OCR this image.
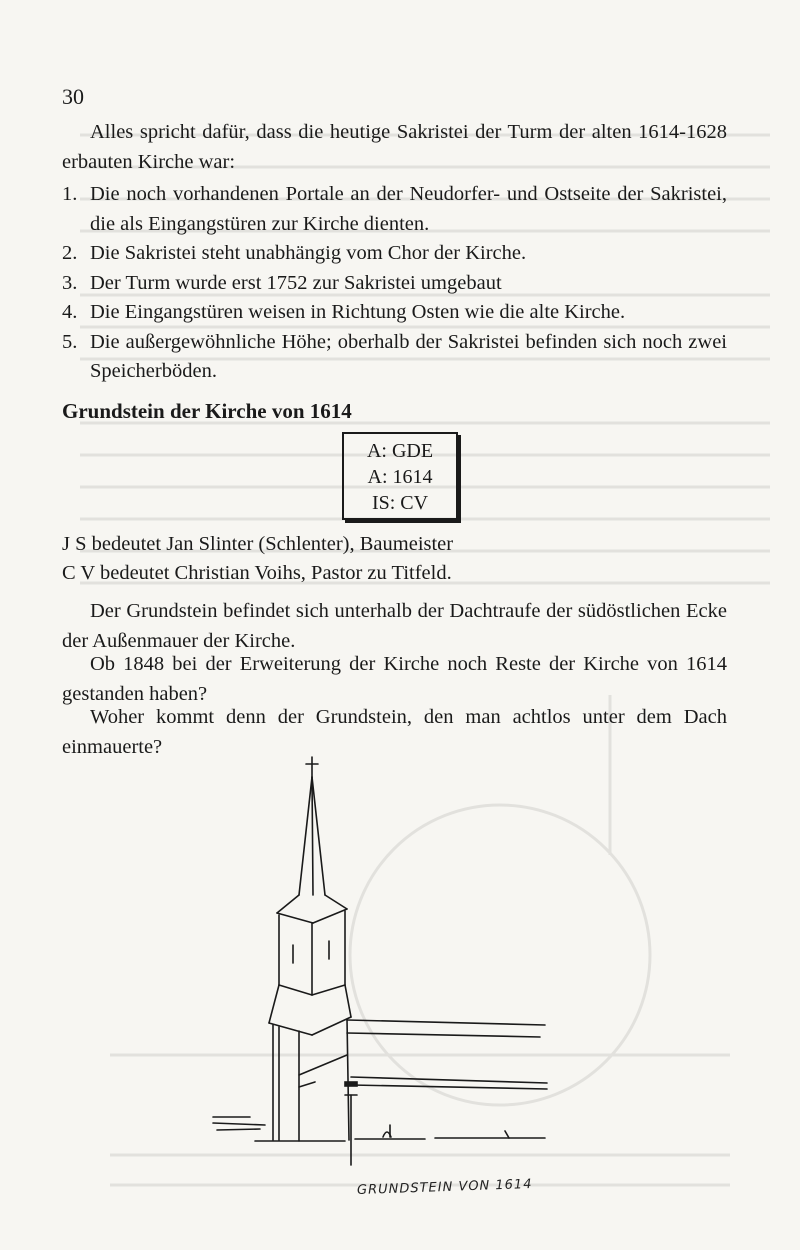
30

Alles spricht dafür, dass die heutige Sakristei der Turm der alten 1614-1628 erbauten Kirche war:

1. Die noch vorhandenen Portale an der Neudorfer- und Ostseite der Sakristei, die als Eingangstüren zur Kirche dienten.
2. Die Sakristei steht unabhängig vom Chor der Kirche.
3. Der Turm wurde erst 1752 zur Sakristei umgebaut
4. Die Eingangstüren weisen in Richtung Osten wie die alte Kirche.
5. Die außergewöhnliche Höhe; oberhalb der Sakristei befinden sich noch zwei Speicherböden.
Grundstein der Kirche von 1614
A: GDE
A: 1614
IS: CV

J S bedeutet Jan Slinter (Schlenter), Baumeister

C V bedeutet Christian Voihs, Pastor zu Titfeld.

Der Grundstein befindet sich unterhalb der Dachtraufe der südöstlichen Ecke der Außenmauer der Kirche.

Ob 1848 bei der Erweiterung der Kirche noch Reste der Kirche von 1614 gestanden haben?

Woher kommt denn der Grundstein, den man achtlos unter dem Dach einmauerte?

GRUNDSTEIN VON 1614
